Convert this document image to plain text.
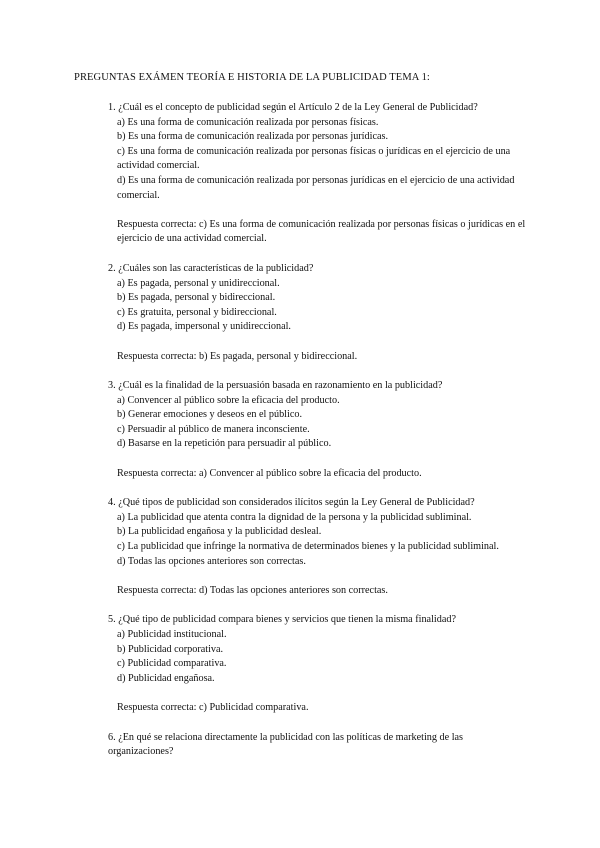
PREGUNTAS EXÁMEN TEORÍA E HISTORIA DE LA PUBLICIDAD TEMA 1:

1. ¿Cuál es el concepto de publicidad según el Artículo 2 de la Ley General de Publicidad?

a) Es una forma de comunicación realizada por personas físicas.
b) Es una forma de comunicación realizada por personas jurídicas.
c) Es una forma de comunicación realizada por personas físicas o jurídicas en el ejercicio de una actividad comercial.
d) Es una forma de comunicación realizada por personas jurídicas en el ejercicio de una actividad comercial.

Respuesta correcta: c) Es una forma de comunicación realizada por personas físicas o jurídicas en el ejercicio de una actividad comercial.

2. ¿Cuáles son las características de la publicidad?

a) Es pagada, personal y unidireccional.
b) Es pagada, personal y bidireccional.
c) Es gratuita, personal y bidireccional.
d) Es pagada, impersonal y unidireccional.

Respuesta correcta: b) Es pagada, personal y bidireccional.

3. ¿Cuál es la finalidad de la persuasión basada en razonamiento en la publicidad?

a) Convencer al público sobre la eficacia del producto.
b) Generar emociones y deseos en el público.
c) Persuadir al público de manera inconsciente.
d) Basarse en la repetición para persuadir al público.

Respuesta correcta: a) Convencer al público sobre la eficacia del producto.

4. ¿Qué tipos de publicidad son considerados ilícitos según la Ley General de Publicidad?

a) La publicidad que atenta contra la dignidad de la persona y la publicidad subliminal.
b) La publicidad engañosa y la publicidad desleal.
c) La publicidad que infringe la normativa de determinados bienes y la publicidad subliminal.
d) Todas las opciones anteriores son correctas.

Respuesta correcta: d) Todas las opciones anteriores son correctas.

5. ¿Qué tipo de publicidad compara bienes y servicios que tienen la misma finalidad?

a) Publicidad institucional.
b) Publicidad corporativa.
c) Publicidad comparativa.
d) Publicidad engañosa.

Respuesta correcta: c) Publicidad comparativa.

6. ¿En qué se relaciona directamente la publicidad con las políticas de marketing de las organizaciones?
